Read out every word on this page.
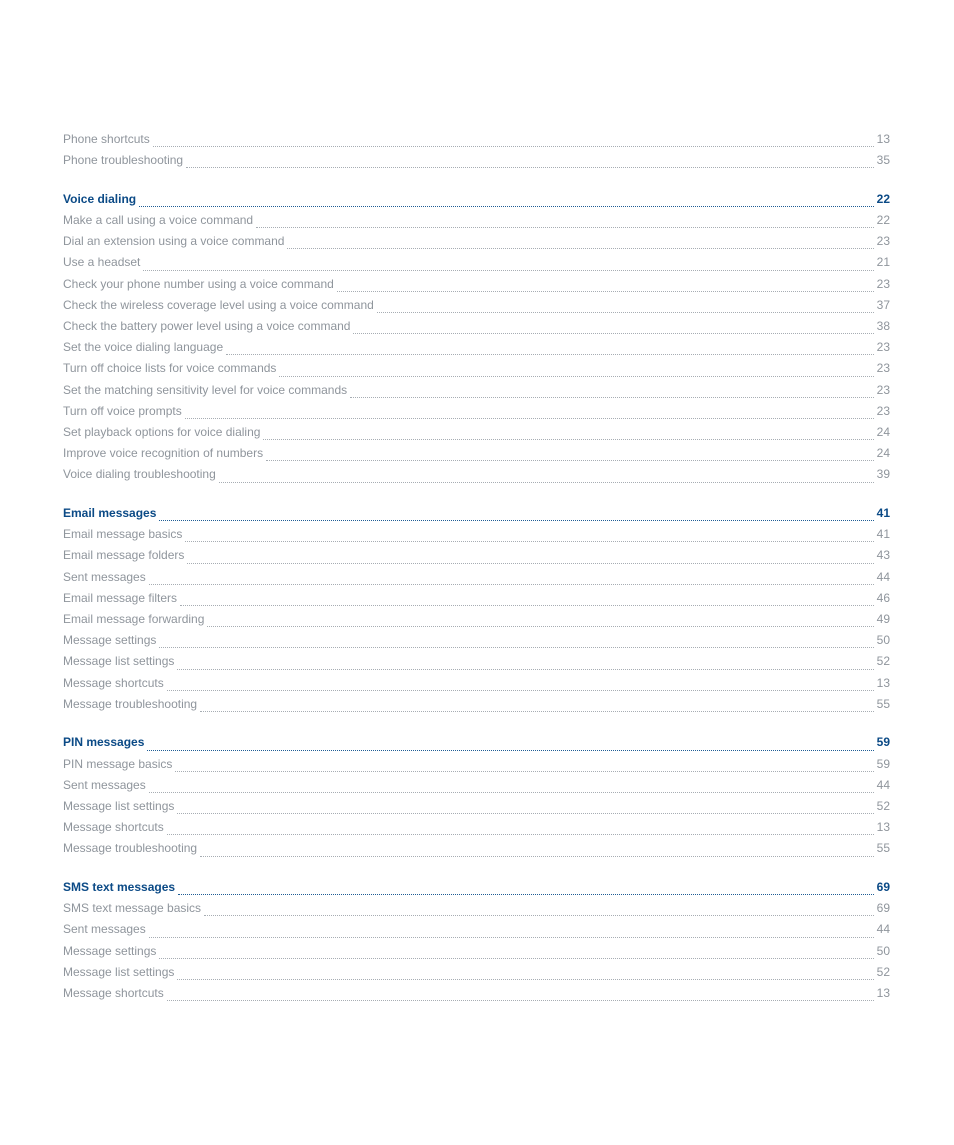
Phone shortcuts	13
Phone troubleshooting	35
Voice dialing	22
Make a call using a voice command	22
Dial an extension using a voice command	23
Use a headset	21
Check your phone number using a voice command	23
Check the wireless coverage level using a voice command	37
Check the battery power level using a voice command	38
Set the voice dialing language	23
Turn off choice lists for voice commands	23
Set the matching sensitivity level for voice commands	23
Turn off voice prompts	23
Set playback options for voice dialing	24
Improve voice recognition of numbers	24
Voice dialing troubleshooting	39
Email messages	41
Email message basics	41
Email message folders	43
Sent messages	44
Email message filters	46
Email message forwarding	49
Message settings	50
Message list settings	52
Message shortcuts	13
Message troubleshooting	55
PIN messages	59
PIN message basics	59
Sent messages	44
Message list settings	52
Message shortcuts	13
Message troubleshooting	55
SMS text messages	69
SMS text message basics	69
Sent messages	44
Message settings	50
Message list settings	52
Message shortcuts	13
